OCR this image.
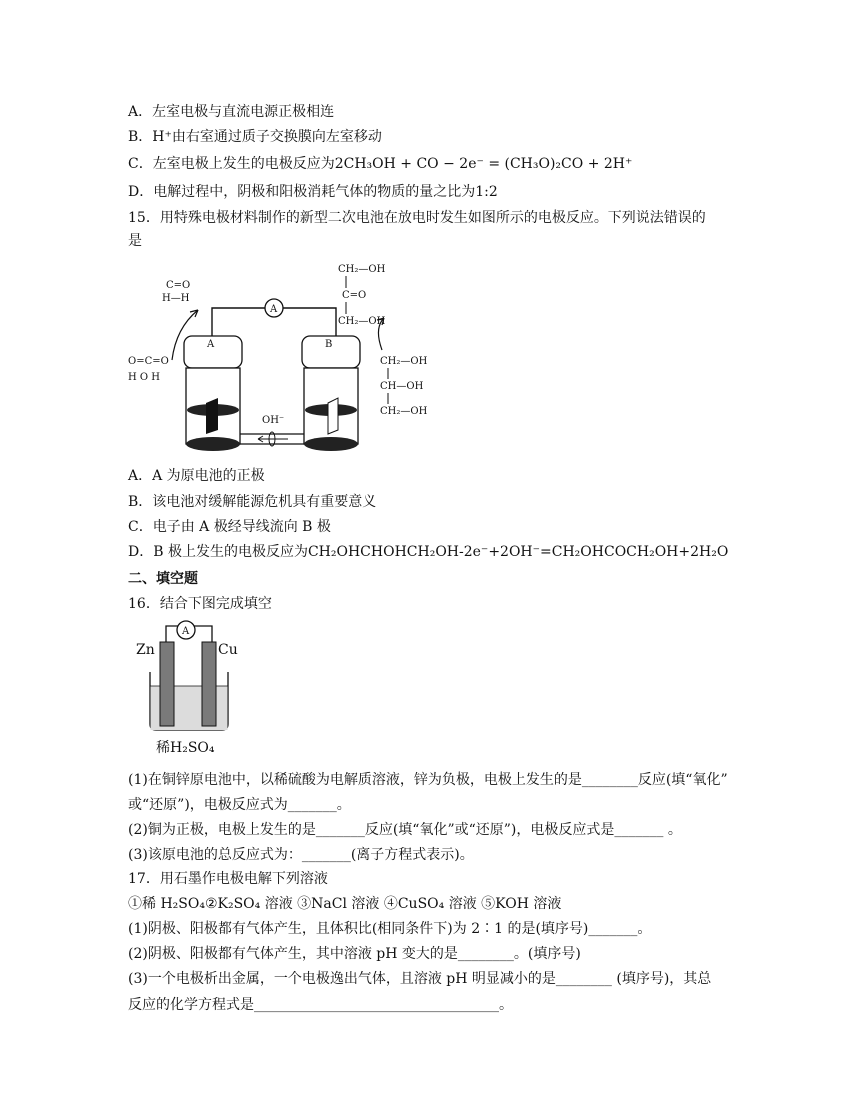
A．左室电极与直流电源正极相连
B．H⁺由右室通过质子交换膜向左室移动
C．左室电极上发生的电极反应为2CH₃OH + CO − 2e⁻ = (CH₃O)₂CO + 2H⁺
D．电解过程中，阴极和阳极消耗气体的物质的量之比为1:2
15．用特殊电极材料制作的新型二次电池在放电时发生如图所示的电极反应。下列说法错误的
是
C=O
H—H
O=C=O
H O H
A
A	B
OH⁻
CH₂—OH
C=O
CH₂—OH
CH₂—OH
CH—OH
CH₂—OH
A．A 为原电池的正极
B．该电池对缓解能源危机具有重要意义
C．电子由 A 极经导线流向 B 极
D．B 极上发生的电极反应为CH₂OHCHOHCH₂OH-2e⁻+2OH⁻=CH₂OHCOCH₂OH+2H₂O
二、填空题
16．结合下图完成填空
A
Zn	Cu
稀H₂SO₄
(1)在铜锌原电池中，以稀硫酸为电解质溶液，锌为负极，电极上发生的是________反应(填“氧化”
或“还原”)，电极反应式为_______。
(2)铜为正极，电极上发生的是_______反应(填“氧化”或“还原”)，电极反应式是_______ 。
(3)该原电池的总反应式为：_______(离子方程式表示)。
17．用石墨作电极电解下列溶液
①稀 H₂SO₄②K₂SO₄ 溶液 ③NaCl 溶液 ④CuSO₄ 溶液 ⑤KOH 溶液
(1)阴极、阳极都有气体产生，且体积比(相同条件下)为 2∶1 的是(填序号)_______。
(2)阴极、阳极都有气体产生，其中溶液 pH 变大的是________。(填序号)
(3)一个电极析出金属，一个电极逸出气体，且溶液 pH 明显减小的是________ (填序号)，其总
反应的化学方程式是___________________________________。
